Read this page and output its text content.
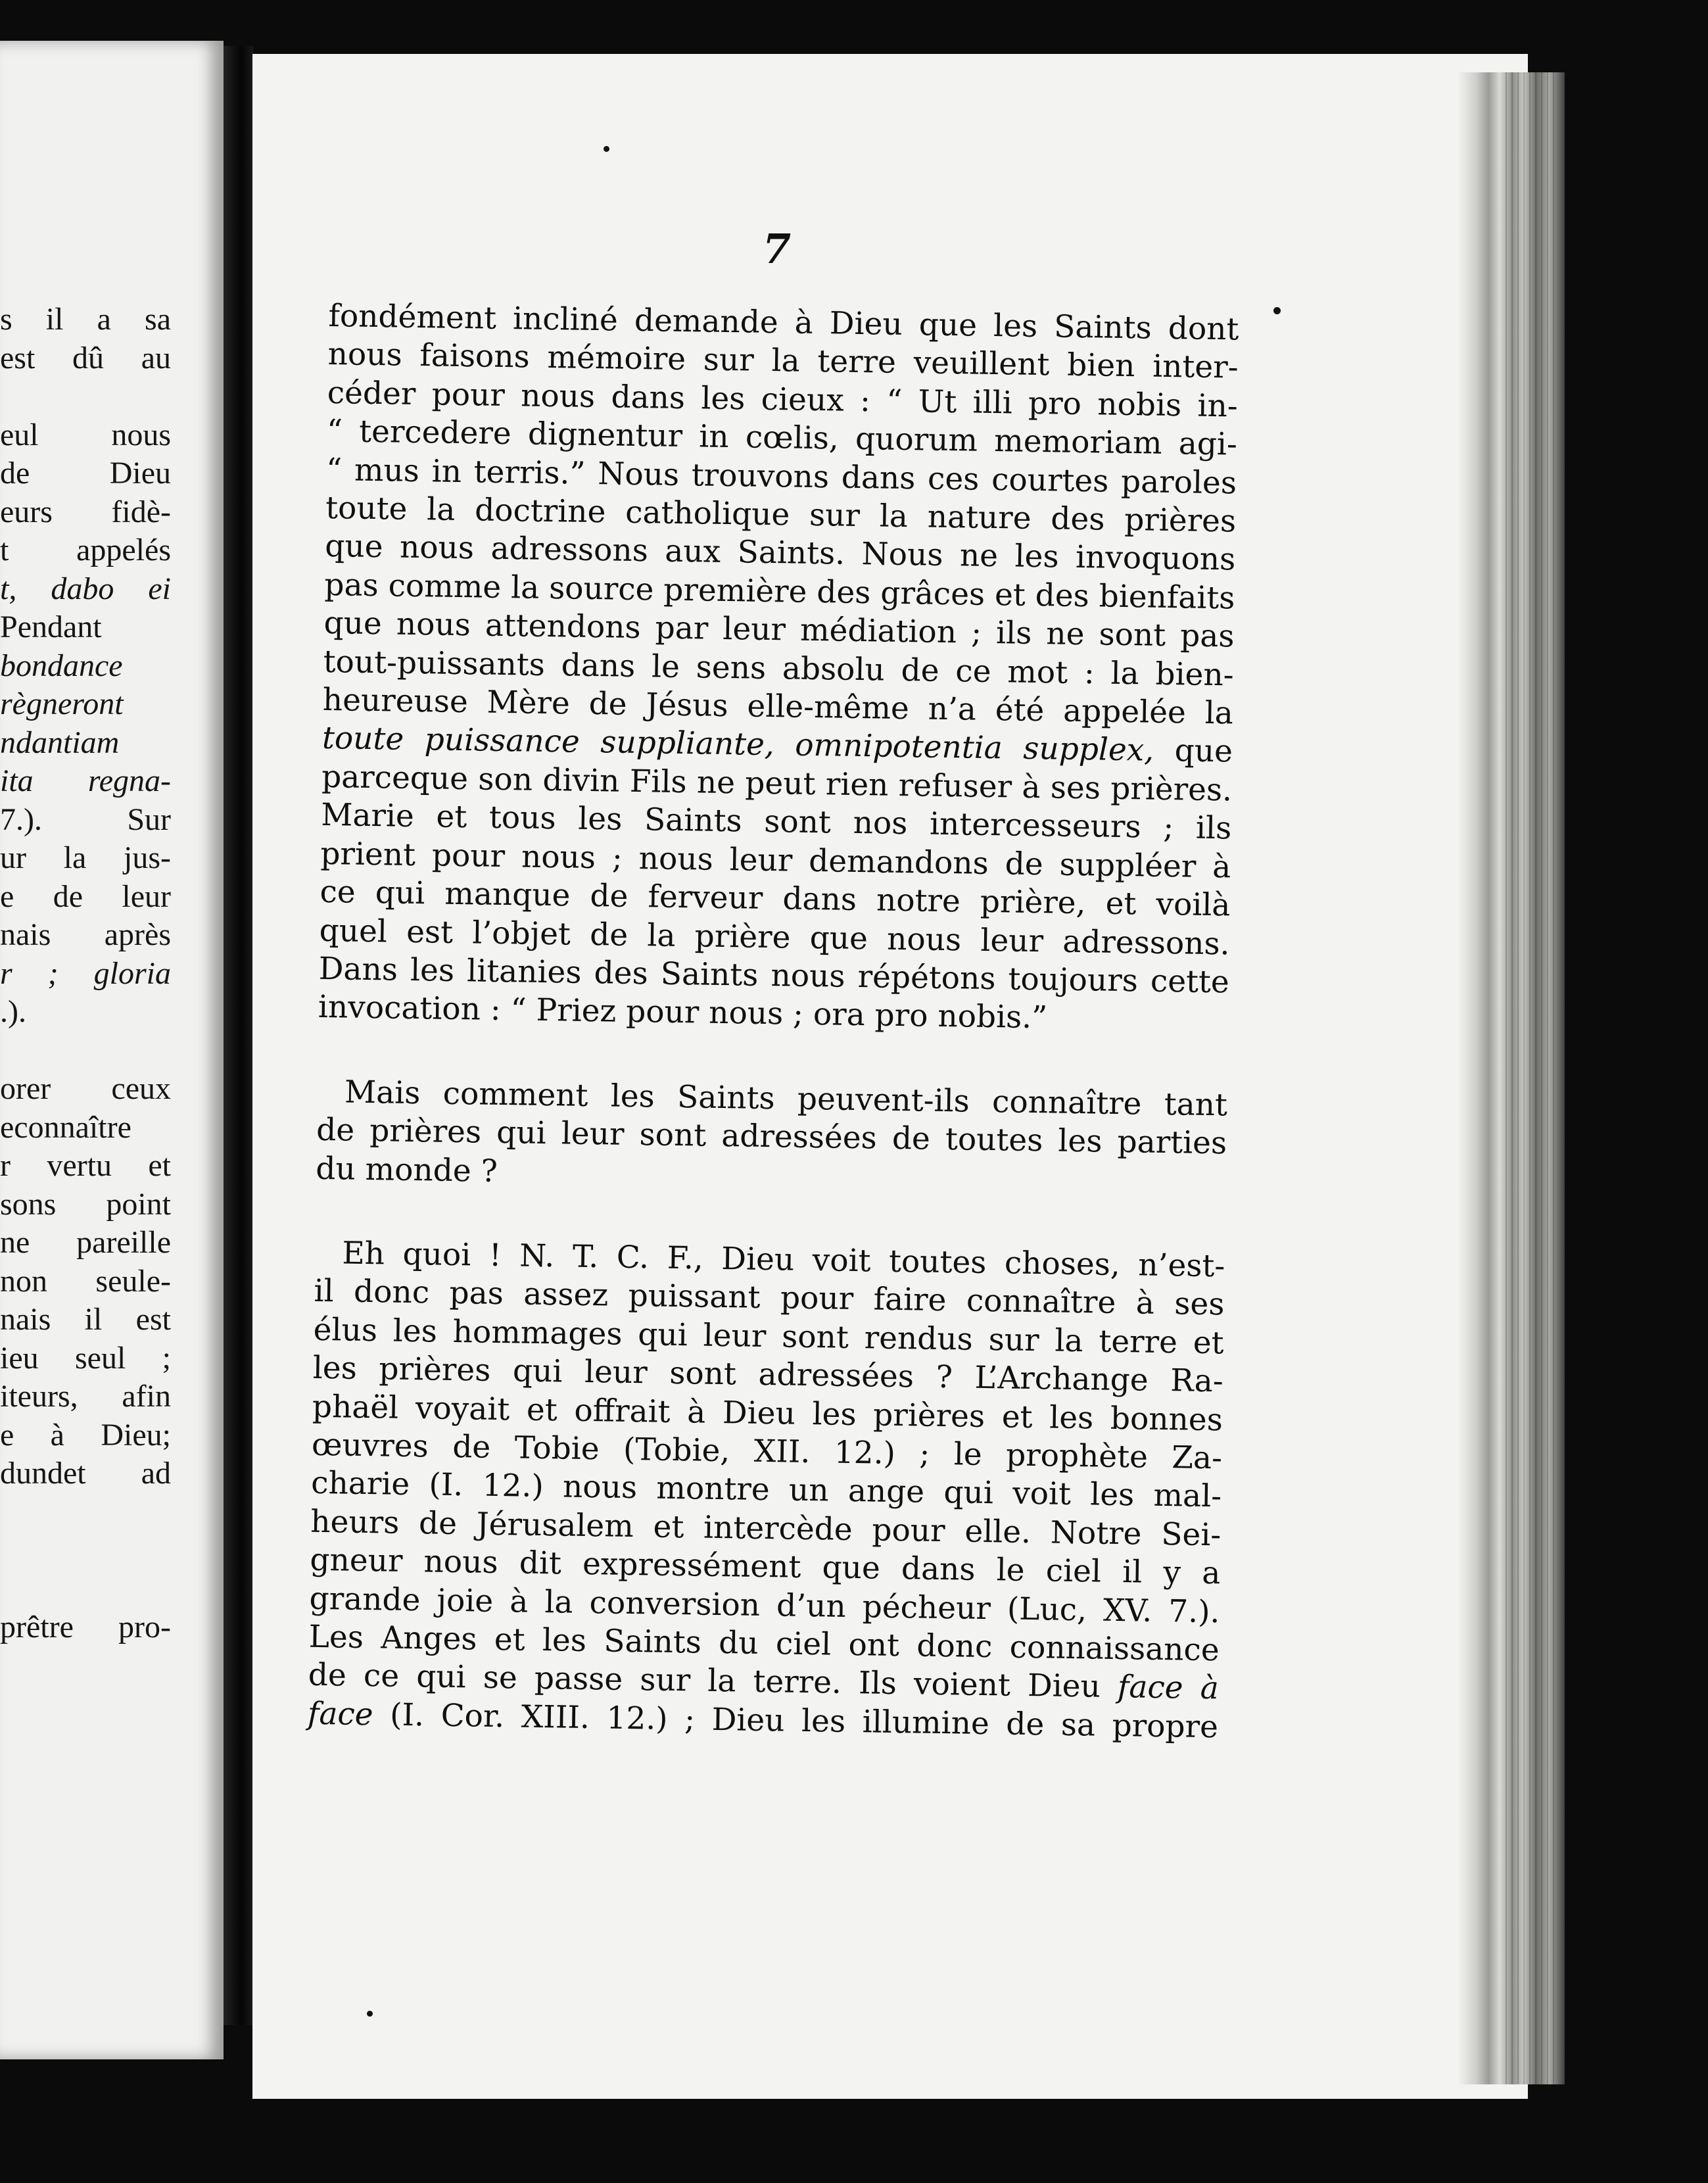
s il a sa
est dû au

eul nous
de Dieu
eurs fidè-
t appelés
t, dabo ei
Pendant
bondance
règneront
ndantiam
ita regna-
7.). Sur
ur la jus-
e de leur
nais après
r ; gloria
.).

orer ceux
econnaître
r vertu et
sons point
ne pareille
non seule-
nais il est
ieu seul ;
iteurs, afin
e à Dieu;
dundet ad

prêtre pro-
7
fondément incliné demande à Dieu que les Saints dont
nous faisons mémoire sur la terre veuillent bien inter-
céder pour nous dans les cieux : “ Ut illi pro nobis in-
“ tercedere dignentur in cœlis, quorum memoriam agi-
“ mus in terris.” Nous trouvons dans ces courtes paroles
toute la doctrine catholique sur la nature des prières
que nous adressons aux Saints. Nous ne les invoquons
pas comme la source première des grâces et des bienfaits
que nous attendons par leur médiation ; ils ne sont pas
tout-puissants dans le sens absolu de ce mot : la bien-
heureuse Mère de Jésus elle-même n’a été appelée la
toute puissance suppliante, omnipotentia supplex, que
parceque son divin Fils ne peut rien refuser à ses prières.
Marie et tous les Saints sont nos intercesseurs ; ils
prient pour nous ; nous leur demandons de suppléer à
ce qui manque de ferveur dans notre prière, et voilà
quel est l’objet de la prière que nous leur adressons.
Dans les litanies des Saints nous répétons toujours cette
invocation : “ Priez pour nous ; ora pro nobis.”
Mais comment les Saints peuvent-ils connaître tant
de prières qui leur sont adressées de toutes les parties
du monde ?
Eh quoi ! N. T. C. F., Dieu voit toutes choses, n’est-
il donc pas assez puissant pour faire connaître à ses
élus les hommages qui leur sont rendus sur la terre et
les prières qui leur sont adressées ? L’Archange Ra-
phaël voyait et offrait à Dieu les prières et les bonnes
œuvres de Tobie (Tobie, XII. 12.) ; le prophète Za-
charie (I. 12.) nous montre un ange qui voit les mal-
heurs de Jérusalem et intercède pour elle. Notre Sei-
gneur nous dit expressément que dans le ciel il y a
grande joie à la conversion d’un pécheur (Luc, XV. 7.).
Les Anges et les Saints du ciel ont donc connaissance
de ce qui se passe sur la terre. Ils voient Dieu face à
face (I. Cor. XIII. 12.) ; Dieu les illumine de sa propre
